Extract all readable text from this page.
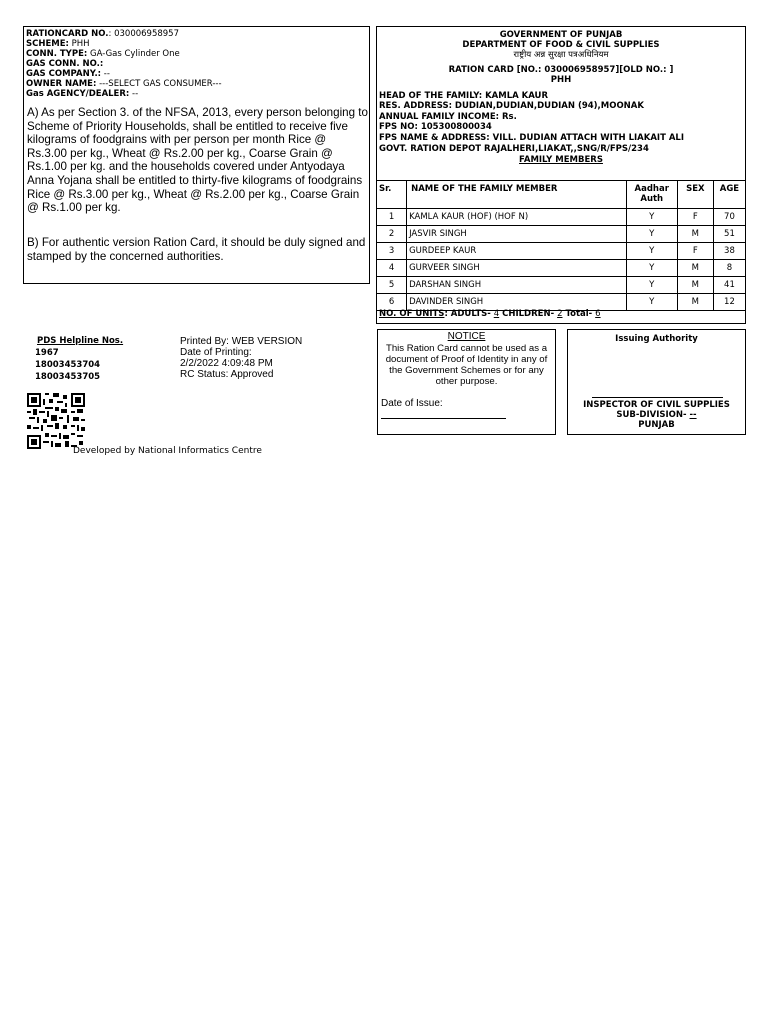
RATIONCARD NO.: 030006958957
SCHEME: PHH
CONN. TYPE: GA-Gas Cylinder One
GAS CONN. NO.:
GAS COMPANY.: --
OWNER NAME: ---SELECT GAS CONSUMER---
Gas AGENCY/DEALER: --
A) As per Section 3. of the NFSA, 2013, every person belonging to Scheme of Priority Households, shall be entitled to receive five kilograms of foodgrains with per person per month Rice @ Rs.3.00 per kg., Wheat @ Rs.2.00 per kg., Coarse Grain @ Rs.1.00 per kg. and the households covered under Antyodaya Anna Yojana shall be entitled to thirty-five kilograms of foodgrains Rice @ Rs.3.00 per kg., Wheat @ Rs.2.00 per kg., Coarse Grain @ Rs.1.00 per kg.
B) For authentic version Ration Card, it should be duly signed and stamped by the concerned authorities.
GOVERNMENT OF PUNJAB
DEPARTMENT OF FOOD & CIVIL SUPPLIES
राष्ट्रीय अन्न सुरक्षा पत्रअधिनियम
RATION CARD [NO.: 030006958957][OLD NO.: ]
PHH
HEAD OF THE FAMILY: KAMLA KAUR
RES. ADDRESS: DUDIAN,DUDIAN,DUDIAN (94),MOONAK
ANNUAL FAMILY INCOME: Rs.
FPS NO: 105300800034
FPS NAME & ADDRESS: VILL. DUDIAN ATTACH WITH LIAKAIT ALI
GOVT. RATION DEPOT RAJALHERI,LIAKAT,,SNG/R/FPS/234
FAMILY MEMBERS
Sr.	NAME OF THE FAMILY MEMBER	Aadhar Auth	SEX	AGE
1	KAMLA KAUR (HOF) (HOF N)	Y	F	70
2	JASVIR SINGH	Y	M	51
3	GURDEEP KAUR	Y	F	38
4	GURVEER SINGH	Y	M	8
5	DARSHAN SINGH	Y	M	41
6	DAVINDER SINGH	Y	M	12
NO. OF UNITS: ADULTS- 4 CHILDREN- 2 Total- 6
PDS Helpline Nos.
1967
18003453704
18003453705
Printed By: WEB VERSION
Date of Printing:
2/2/2022 4:09:48 PM
RC Status: Approved
Developed by National Informatics Centre
NOTICE
This Ration Card cannot be used as a document of Proof of Identity in any of the Government Schemes or for any other purpose.
Date of Issue:
Issuing Authority
INSPECTOR OF CIVIL SUPPLIES
SUB-DIVISION- --
PUNJAB
